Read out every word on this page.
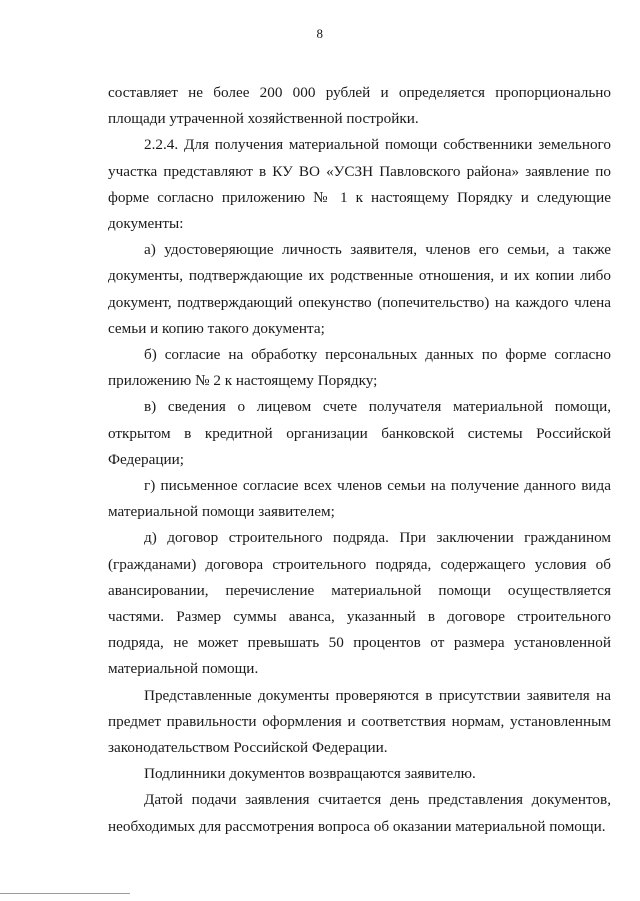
8

составляет не более 200 000 рублей и определяется пропорционально площади утраченной хозяйственной постройки.

2.2.4. Для получения материальной помощи собственники земельного участка представляют в КУ ВО «УСЗН Павловского района» заявление по форме согласно приложению № 1 к настоящему Порядку и следующие документы:

а) удостоверяющие личность заявителя, членов его семьи, а также документы, подтверждающие их родственные отношения, и их копии либо документ, подтверждающий опекунство (попечительство) на каждого члена семьи и копию такого документа;

б) согласие на обработку персональных данных по форме согласно приложению № 2 к настоящему Порядку;

в) сведения о лицевом счете получателя материальной помощи, открытом в кредитной организации банковской системы Российской Федерации;

г) письменное согласие всех членов семьи на получение данного вида материальной помощи заявителем;

д) договор строительного подряда. При заключении гражданином (гражданами) договора строительного подряда, содержащего условия об авансировании, перечисление материальной помощи осуществляется частями. Размер суммы аванса, указанный в договоре строительного подряда, не может превышать 50 процентов от размера установленной материальной помощи.

Представленные документы проверяются в присутствии заявителя на предмет правильности оформления и соответствия нормам, установленным законодательством Российской Федерации.

Подлинники документов возвращаются заявителю.

Датой подачи заявления считается день представления документов, необходимых для рассмотрения вопроса об оказании материальной помощи.
